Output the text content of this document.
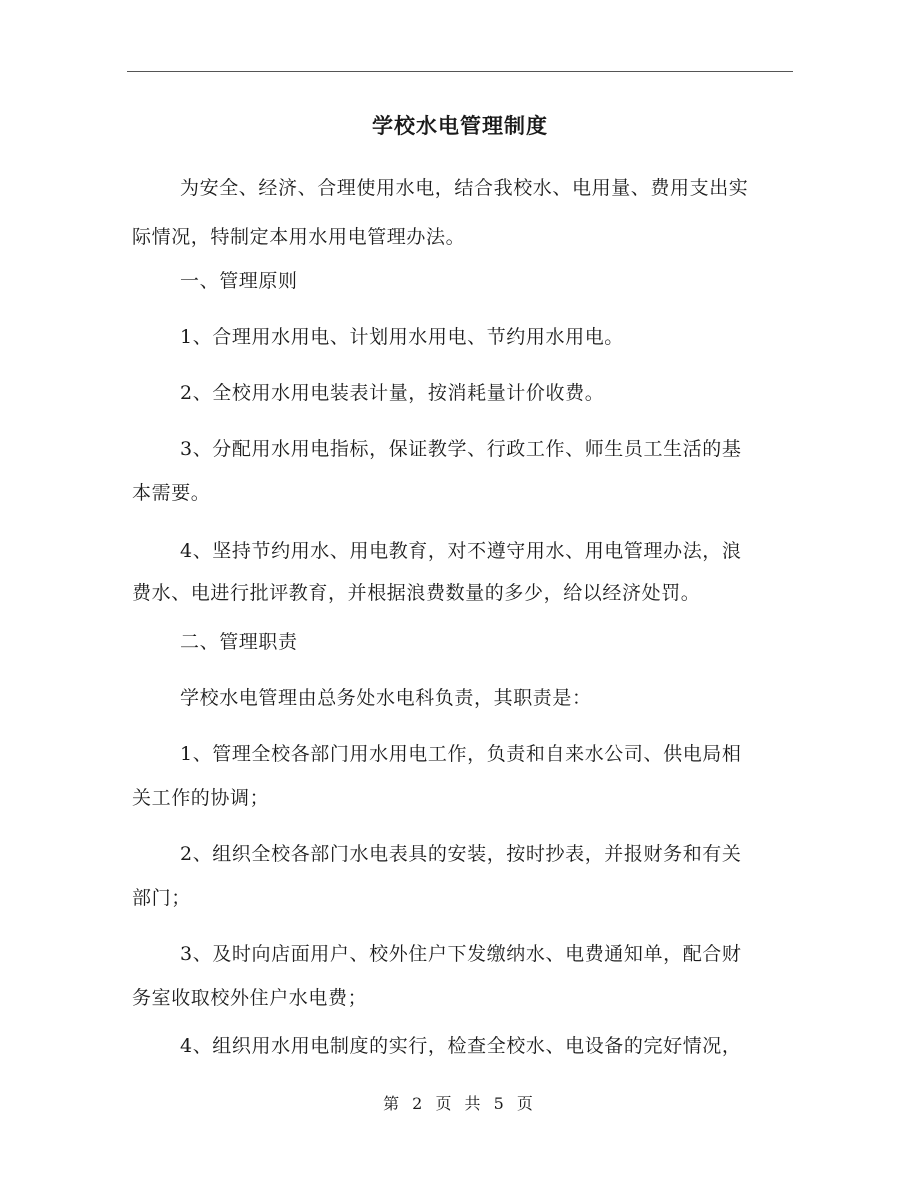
学校水电管理制度

为安全、经济、合理使用水电，结合我校水、电用量、费用支出实

际情况，特制定本用水用电管理办法。

一、管理原则

1、合理用水用电、计划用水用电、节约用水用电。

2、全校用水用电装表计量，按消耗量计价收费。

3、分配用水用电指标，保证教学、行政工作、师生员工生活的基

本需要。

4、坚持节约用水、用电教育，对不遵守用水、用电管理办法，浪

费水、电进行批评教育，并根据浪费数量的多少，给以经济处罚。

二、管理职责

学校水电管理由总务处水电科负责，其职责是：

1、管理全校各部门用水用电工作，负责和自来水公司、供电局相

关工作的协调；

2、组织全校各部门水电表具的安装，按时抄表，并报财务和有关

部门；

3、及时向店面用户、校外住户下发缴纳水、电费通知单，配合财

务室收取校外住户水电费；

4、组织用水用电制度的实行，检查全校水、电设备的完好情况，

第 2 页 共 5 页
